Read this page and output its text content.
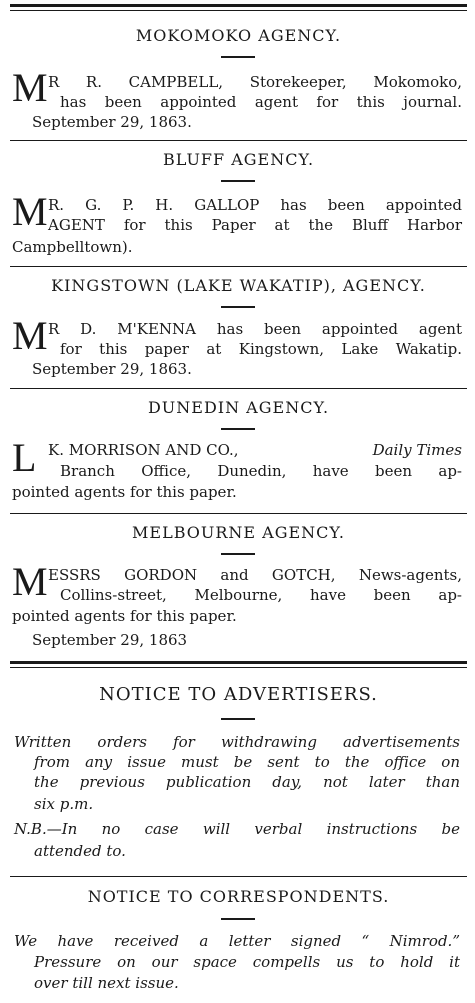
MOKOMOKO AGENCY.
M R R. CAMPBELL, Storekeeper, Mokomoko,
has been appointed agent for this journal.
September 29, 1863.
BLUFF AGENCY.
M R. G. P. H. GALLOP has been appointed
AGENT for this Paper at the Bluff Harbor
Campbelltown).
KINGSTOWN (LAKE WAKATIP), AGENCY.
M R D. M'KENNA has been appointed agent
for this paper at Kingstown, Lake Wakatip.
September 29, 1863.
DUNEDIN AGENCY.
L K. MORRISON AND CO.,	Daily Times
Branch Office, Dunedin, have been ap-
pointed agents for this paper.
MELBOURNE AGENCY.
M ESSRS GORDON and GOTCH, News-agents,
Collins-street, Melbourne, have been ap-
pointed agents for this paper.
September 29, 1863
NOTICE TO ADVERTISERS.
Written orders for withdrawing advertisements
from any issue must be sent to the office on
the previous publication day, not later than
six p.m.
N.B.—In no case will verbal instructions be
attended to.
NOTICE TO CORRESPONDENTS.
We have received a letter signed “ Nimrod.”
Pressure on our space compells us to hold it
over till next issue.
